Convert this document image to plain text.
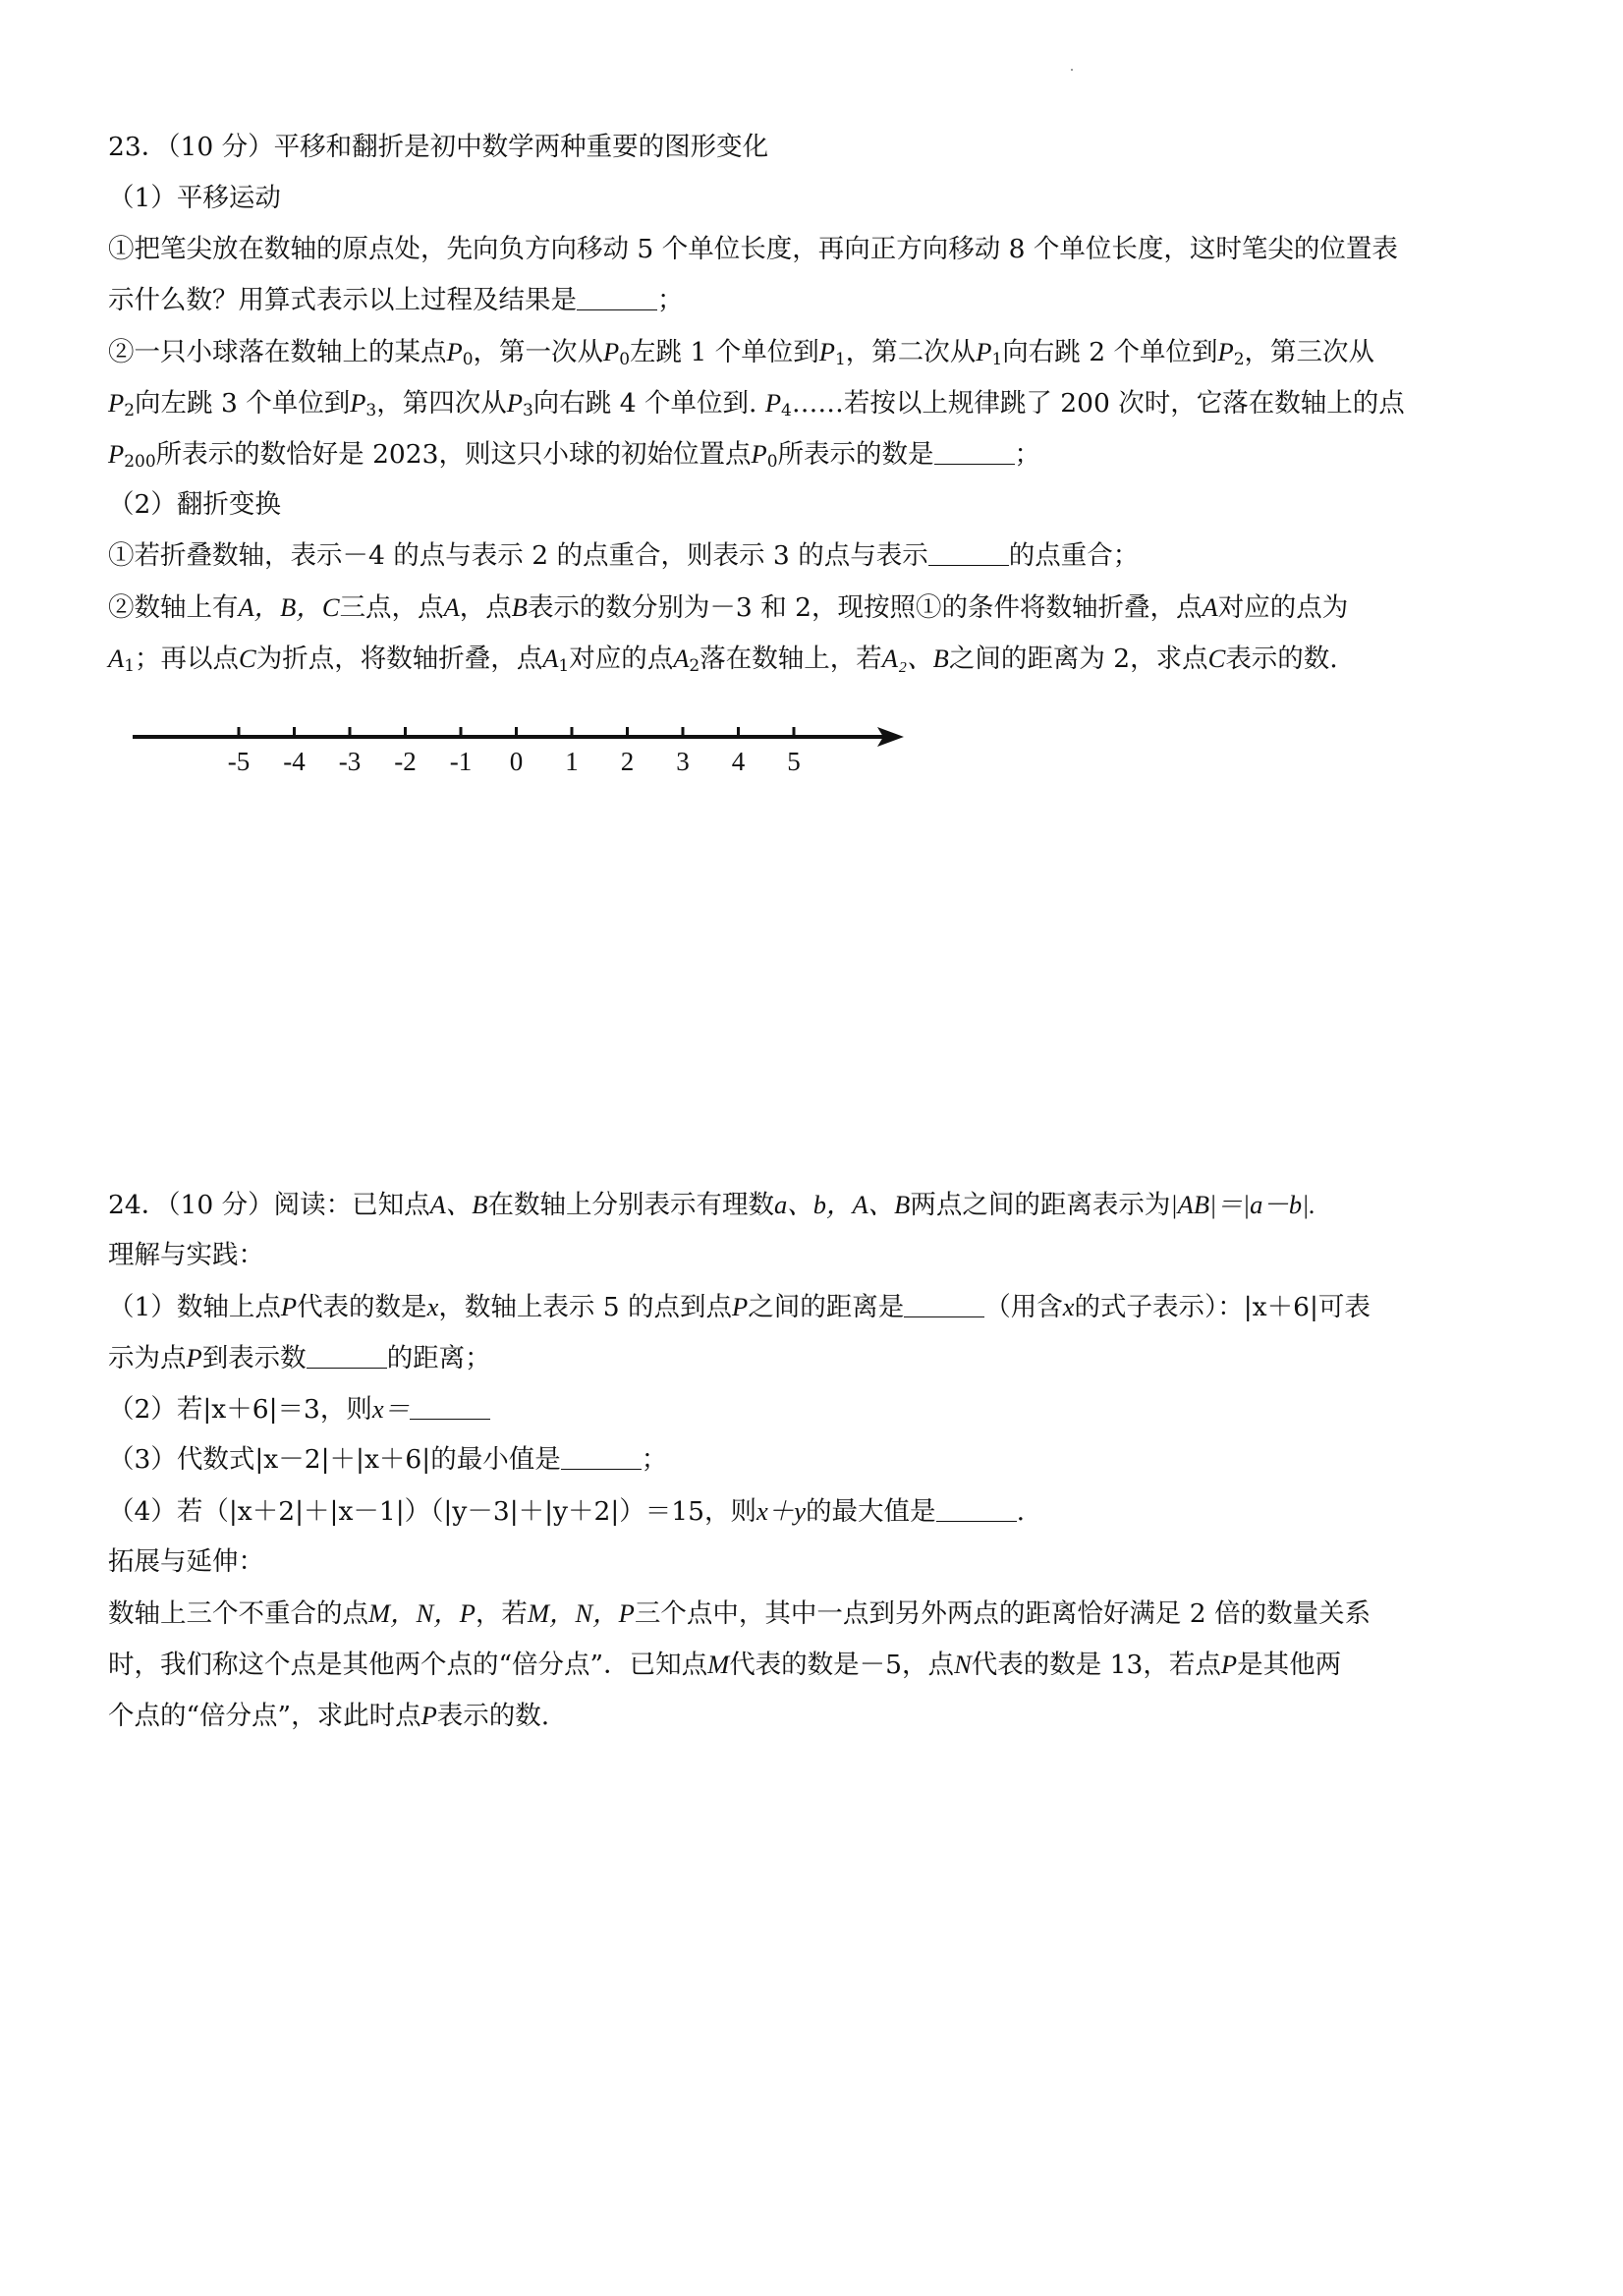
23．（10 分）平移和翻折是初中数学两种重要的图形变化
（1）平移运动
①把笔尖放在数轴的原点处，先向负方向移动 5 个单位长度，再向正方向移动 8 个单位长度，这时笔尖的位置表
示什么数？用算式表示以上过程及结果是	；
②一只小球落在数轴上的某点$P_0$，第一次从$P_0$左跳 1 个单位到$P_1$，第二次从$P_1$向右跳 2 个单位到$P_2$，第三次从
$P_2$向左跳 3 个单位到$P_3$，第四次从$P_3$向右跳 4 个单位到. $P_4\dots\dots$若按以上规律跳了 200 次时，它落在数轴上的点
$P_{200}$所表示的数恰好是 2023，则这只小球的初始位置点$P_0$所表示的数是	；
（2）翻折变换
①若折叠数轴，表示－4 的点与表示 2 的点重合，则表示 3 的点与表示	的点重合；
②数轴上有A，B，C三点，点A，点B表示的数分别为－3 和 2，现按照①的条件将数轴折叠，点A对应的点为
$A_1$；再以点C为折点，将数轴折叠，点$A_1$对应的点$A_2$落在数轴上，若A₂、B之间的距离为 2，求点C表示的数.
-5 -4 -3 -2 -1 0 1 2 3 4 5
24．（10 分）阅读：已知点A、B在数轴上分别表示有理数a、b，A、B两点之间的距离表示为|AB|＝|a－b|.
理解与实践：
（1）数轴上点P代表的数是x，数轴上表示 5 的点到点P之间的距离是	（用含x的式子表示）：|x＋6|可表
示为点P到表示数	的距离；
（2）若|x＋6|＝3，则x＝
（3）代数式|x－2|＋|x＋6|的最小值是	；
（4）若（|x＋2|＋|x－1|）（|y－3|＋|y＋2|）＝15，则x＋y的最大值是	.
拓展与延伸：
数轴上三个不重合的点M，N，P，若M，N，P三个点中，其中一点到另外两点的距离恰好满足 2 倍的数量关系
时，我们称这个点是其他两个点的“倍分点”．已知点M代表的数是－5，点N代表的数是 13，若点P是其他两
个点的“倍分点”，求此时点P表示的数.
